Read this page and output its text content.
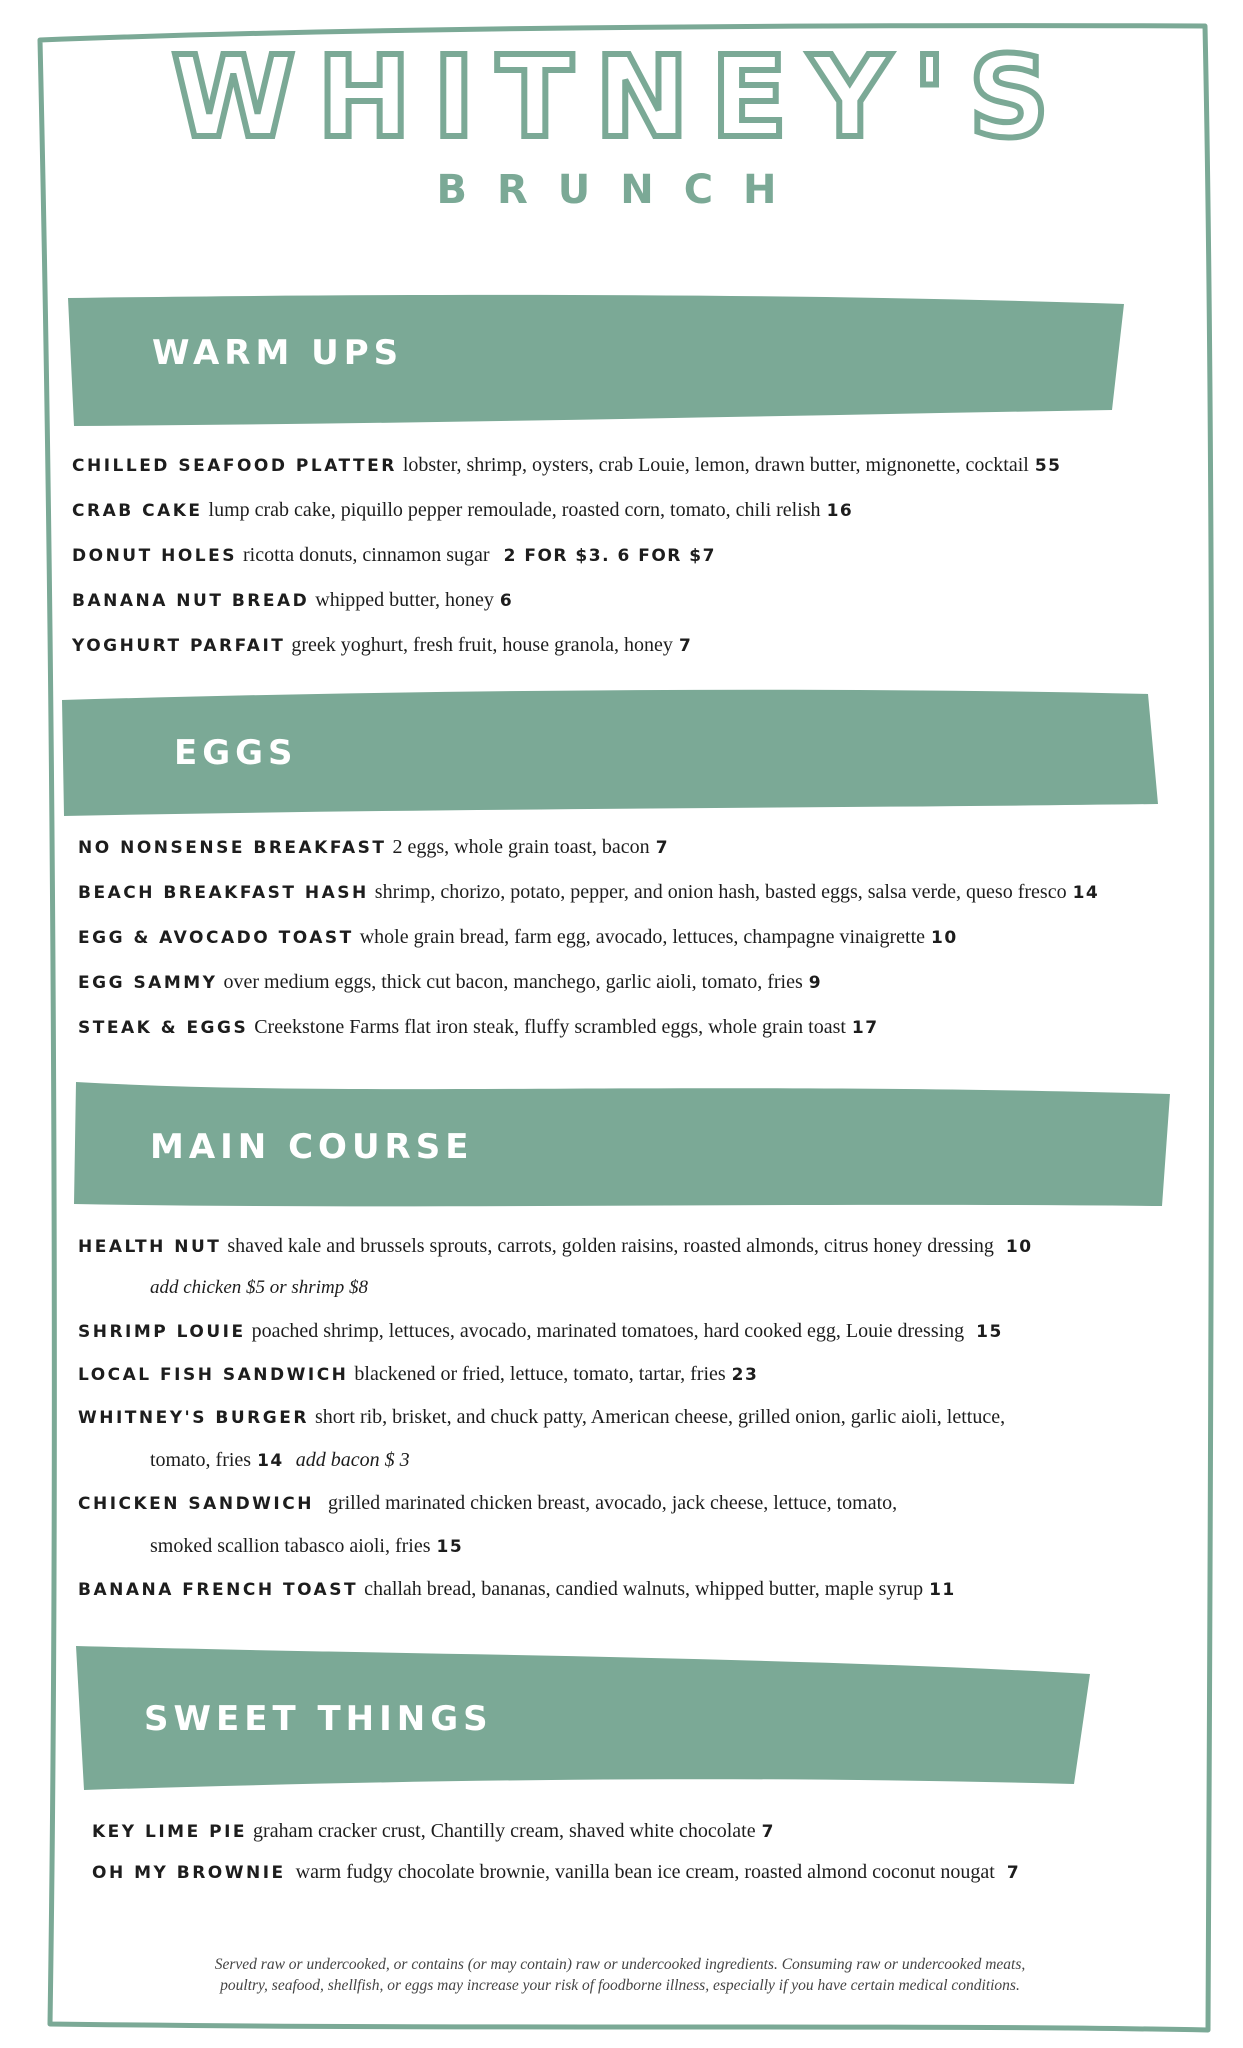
WHITNEY'S
BRUNCH
WARM UPS
CHILLED SEAFOOD PLATTER lobster, shrimp, oysters, crab Louie, lemon, drawn butter, mignonette, cocktail 55
CRAB CAKE lump crab cake, piquillo pepper remoulade, roasted corn, tomato, chili relish 16
DONUT HOLES ricotta donuts, cinnamon sugar 2 FOR $3. 6 FOR $7
BANANA NUT BREAD whipped butter, honey 6
YOGHURT PARFAIT greek yoghurt, fresh fruit, house granola, honey 7
EGGS
NO NONSENSE BREAKFAST 2 eggs, whole grain toast, bacon 7
BEACH BREAKFAST HASH shrimp, chorizo, potato, pepper, and onion hash, basted eggs, salsa verde, queso fresco 14
EGG & AVOCADO TOAST whole grain bread, farm egg, avocado, lettuces, champagne vinaigrette 10
EGG SAMMY over medium eggs, thick cut bacon, manchego, garlic aioli, tomato, fries 9
STEAK & EGGS Creekstone Farms flat iron steak, fluffy scrambled eggs, whole grain toast 17
MAIN COURSE
HEALTH NUT shaved kale and brussels sprouts, carrots, golden raisins, roasted almonds, citrus honey dressing 10
add chicken $5 or shrimp $8
SHRIMP LOUIE poached shrimp, lettuces, avocado, marinated tomatoes, hard cooked egg, Louie dressing 15
LOCAL FISH SANDWICH blackened or fried, lettuce, tomato, tartar, fries 23
WHITNEY'S BURGER short rib, brisket, and chuck patty, American cheese, grilled onion, garlic aioli, lettuce,
tomato, fries 14 add bacon $ 3
CHICKEN SANDWICH grilled marinated chicken breast, avocado, jack cheese, lettuce, tomato,
smoked scallion tabasco aioli, fries 15
BANANA FRENCH TOAST challah bread, bananas, candied walnuts, whipped butter, maple syrup 11
SWEET THINGS
KEY LIME PIE graham cracker crust, Chantilly cream, shaved white chocolate 7
OH MY BROWNIE warm fudgy chocolate brownie, vanilla bean ice cream, roasted almond coconut nougat 7
Served raw or undercooked, or contains (or may contain) raw or undercooked ingredients. Consuming raw or undercooked meats,
poultry, seafood, shellfish, or eggs may increase your risk of foodborne illness, especially if you have certain medical conditions.
